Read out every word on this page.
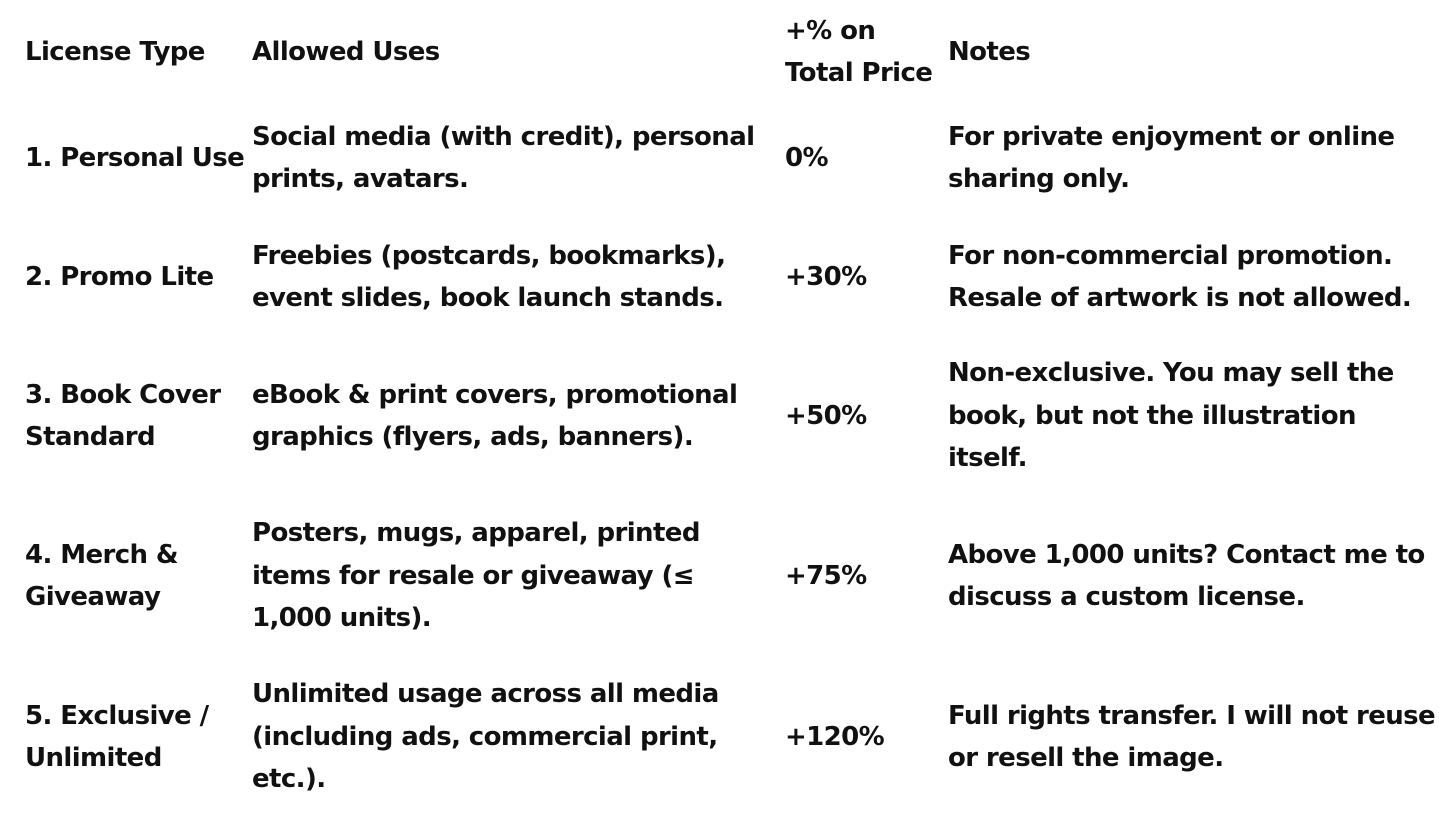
License Type	Allowed Uses	+% on Total Price	Notes
1. Personal Use	Social media (with credit), personal prints, avatars.	0%	For private enjoyment or online sharing only.
2. Promo Lite	Freebies (postcards, bookmarks), event slides, book launch stands.	+30%	For non-commercial promotion. Resale of artwork is not allowed.
3. Book Cover Standard	eBook & print covers, promotional graphics (flyers, ads, banners).	+50%	Non-exclusive. You may sell the book, but not the illustration itself.
4. Merch & Giveaway	Posters, mugs, apparel, printed items for resale or giveaway (≤ 1,000 units).	+75%	Above 1,000 units? Contact me to discuss a custom license.
5. Exclusive / Unlimited	Unlimited usage across all media (including ads, commercial print, etc.).	+120%	Full rights transfer. I will not reuse or resell the image.
